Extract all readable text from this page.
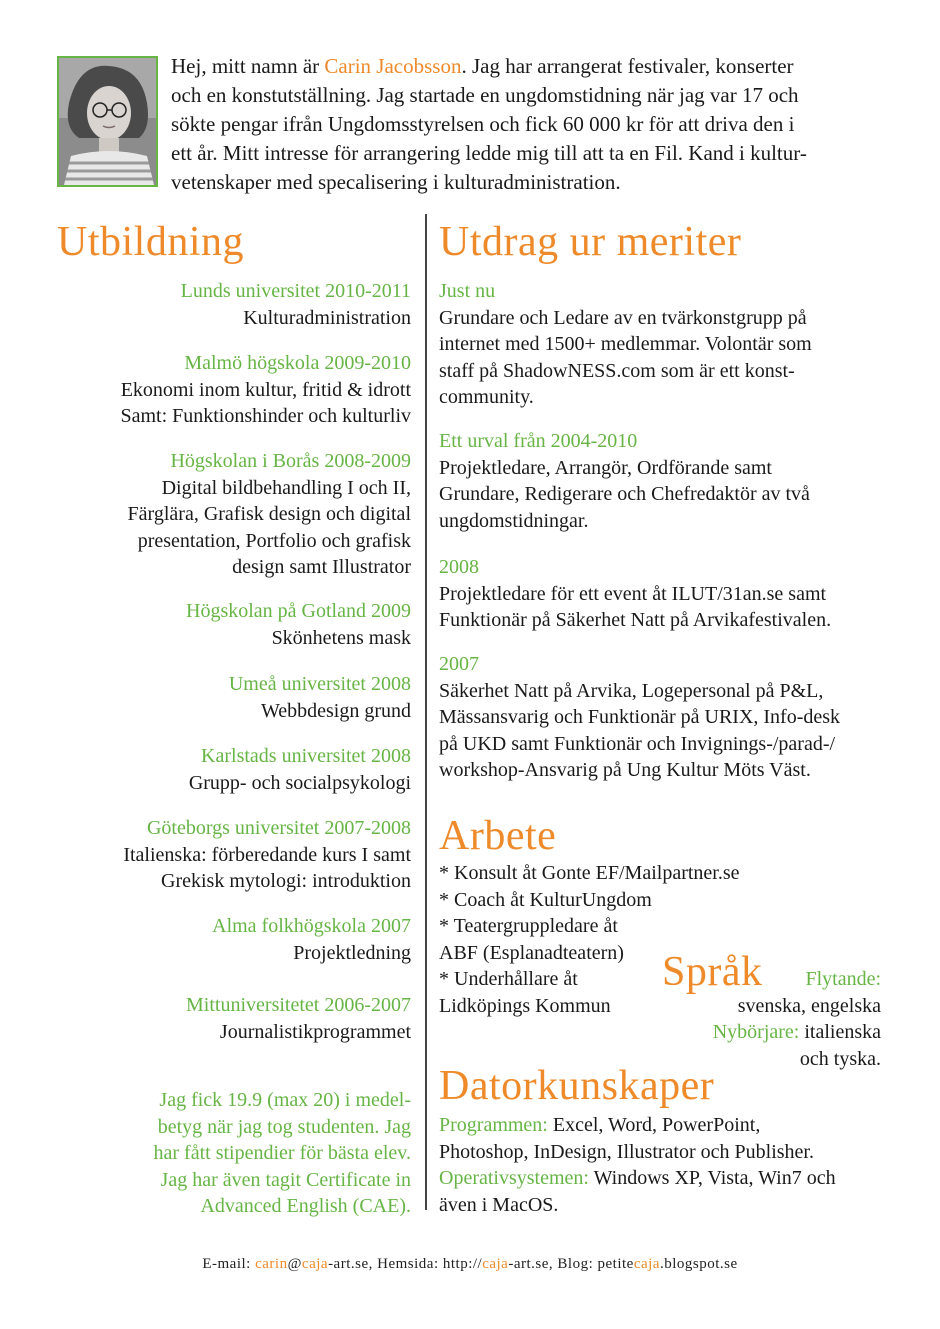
Hej, mitt namn är Carin Jacobsson. Jag har arrangerat festivaler, konserter
och en konstutställning. Jag startade en ungdomstidning när jag var 17 och
sökte pengar ifrån Ungdomsstyrelsen och fick 60 000 kr för att driva den i
ett år. Mitt intresse för arrangering ledde mig till att ta en Fil. Kand i kultur-
vetenskaper med specalisering i kulturadministration.
Utbildning	Utdrag ur meriter
Lunds universitet 2010-2011
Kulturadministration
Malmö högskola 2009-2010
Ekonomi inom kultur, fritid & idrott
Samt: Funktionshinder och kulturliv
Högskolan i Borås 2008-2009
Digital bildbehandling I och II,
Färglära, Grafisk design och digital
presentation, Portfolio och grafisk
design samt Illustrator
Högskolan på Gotland 2009
Skönhetens mask
Umeå universitet 2008
Webbdesign grund
Karlstads universitet 2008
Grupp- och socialpsykologi
Göteborgs universitet 2007-2008
Italienska: förberedande kurs I samt
Grekisk mytologi: introduktion
Alma folkhögskola 2007
Projektledning
Mittuniversitetet 2006-2007
Journalistikprogrammet
Jag fick 19.9 (max 20) i medel-
betyg när jag tog studenten. Jag
har fått stipendier för bästa elev.
Jag har även tagit Certificate in
Advanced English (CAE).
Just nu
Grundare och Ledare av en tvärkonstgrupp på
internet med 1500+ medlemmar. Volontär som
staff på ShadowNESS.com som är ett konst-
community.
Ett urval från 2004-2010
Projektledare, Arrangör, Ordförande samt
Grundare, Redigerare och Chefredaktör av två
ungdomstidningar.
2008
Projektledare för ett event åt ILUT/31an.se samt
Funktionär på Säkerhet Natt på Arvikafestivalen.
2007
Säkerhet Natt på Arvika, Logepersonal på P&L,
Mässansvarig och Funktionär på URIX, Info-desk
på UKD samt Funktionär och Invignings-/parad-/
workshop-Ansvarig på Ung Kultur Möts Väst.
Arbete
* Konsult åt Gonte EF/Mailpartner.se
* Coach åt KulturUngdom
* Teatergruppledare åt
ABF (Esplanadteatern)
* Underhållare åt
Lidköpings Kommun
Språk	Flytande:
svenska, engelska
Nybörjare: italienska
och tyska.
Datorkunskaper
Programmen: Excel, Word, PowerPoint,
Photoshop, InDesign, Illustrator och Publisher.
Operativsystemen: Windows XP, Vista, Win7 och
även i MacOS.
E-mail: carin@caja-art.se, Hemsida: http://caja-art.se, Blog: petitecaja.blogspot.se
